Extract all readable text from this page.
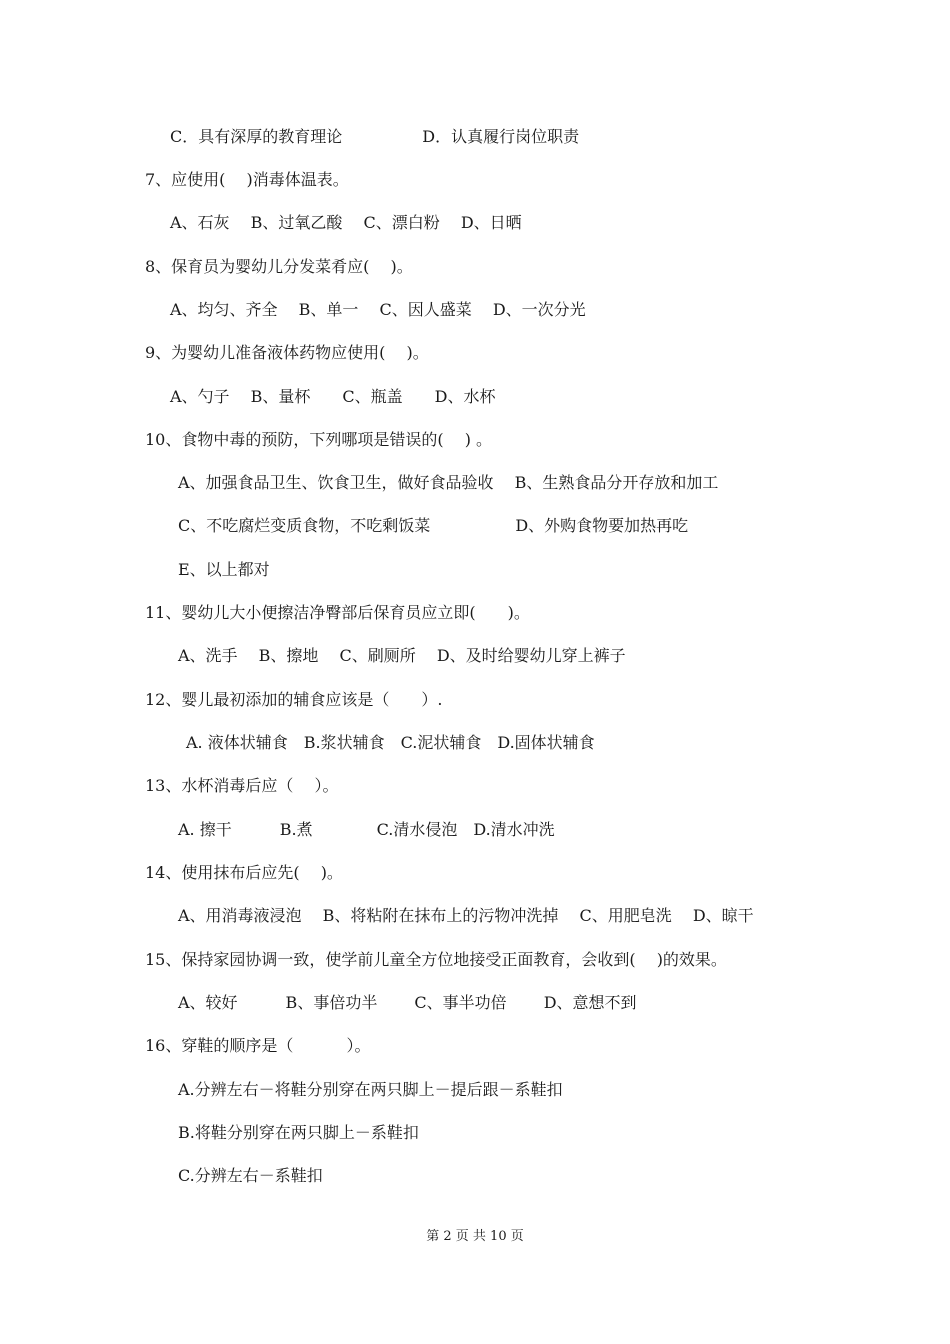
C．具有深厚的教育理论　　　　　D．认真履行岗位职责
7、应使用(　 )消毒体温表。
A、石灰　 B、过氧乙酸　 C、漂白粉　 D、日晒
8、保育员为婴幼儿分发菜肴应(　 )。
A、均匀、齐全　 B、单一　 C、因人盛菜　 D、一次分光
9、为婴幼儿准备液体药物应使用(　 )。
A、勺子　 B、量杯　　C、瓶盖　　D、水杯
10、食物中毒的预防，下列哪项是错误的(　 ) 。
A、加强食品卫生、饮食卫生，做好食品验收　 B、生熟食品分开存放和加工
C、不吃腐烂变质食物，不吃剩饭菜　　　　　 D、外购食物要加热再吃
E、以上都对
11、婴幼儿大小便擦洁净臀部后保育员应立即(　　)。
A、洗手　 B、擦地　 C、刷厕所　 D、及时给婴幼儿穿上裤子
12、婴儿最初添加的辅食应该是（　　）.
A. 液体状辅食　B.浆状辅食　C.泥状辅食　D.固体状辅食
13、水杯消毒后应（　 ）。
A. 擦干　　　B.煮　　　　C.清水侵泡　D.清水冲洗
14、使用抹布后应先(　 )。
A、用消毒液浸泡　 B、将粘附在抹布上的污物冲洗掉　 C、用肥皂洗　 D、晾干
15、保持家园协调一致，使学前儿童全方位地接受正面教育，会收到(　 )的效果。
A、较好　　　B、事倍功半　　 C、事半功倍　　 D、意想不到
16、穿鞋的顺序是（　　　 ）。
A.分辨左右－将鞋分别穿在两只脚上－提后跟－系鞋扣
B.将鞋分别穿在两只脚上－系鞋扣
C.分辨左右－系鞋扣
第 2 页 共 10 页
